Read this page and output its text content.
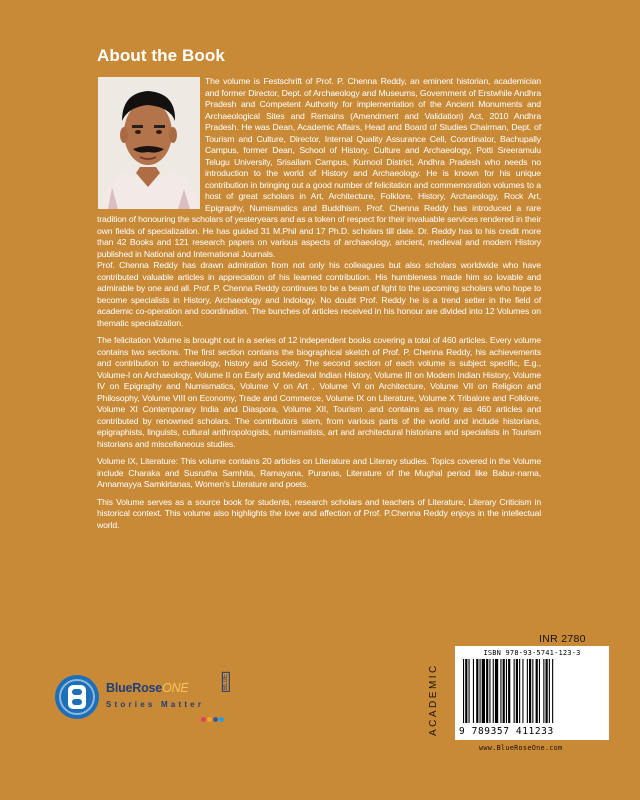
About the Book

The volume is Festschrift of Prof. P. Chenna Reddy, an eminent historian, academician and former Director, Dept. of Archaeology and Museums, Government of Erstwhile Andhra Pradesh and Competent Authority for implementation of the Ancient Monuments and Archaeological Sites and Remains (Amendment and Validation) Act, 2010 Andhra Pradesh. He was Dean, Academic Affairs, Head and Board of Studies Chairman, Dept. of Tourism and Culture, Director, Internal Quality Assurance Cell, Coordinator, Bachupally Campus, former Dean, School of History, Culture and Archaeology, Potti Sreeramulu Telugu University, Srisailam Campus, Kurnool District, Andhra Pradesh who needs no introduction to the world of History and Archaeology. He is known for his unique contribution in bringing out a good number of felicitation and commemoration volumes to a host of great scholars in Art, Architecture, Folklore, History, Archaeology, Rock Art, Epigraphy, Numismatics and Buddhism. Prof. Chenna Reddy has introduced a rare tradition of honouring the scholars of yesteryears and as a token of respect for their invaluable services rendered in their own fields of specialization. He has guided 31 M.Phil and 17 Ph.D. scholars till date. Dr. Reddy has to his credit more than 42 Books and 121 research papers on various aspects of archaeology, ancient, medieval and modern History published in National and International Journals.

Prof. Chenna Reddy has drawn admiration from not only his colleagues but also scholars worldwide who have contributed valuable articles in appreciation of his learned contribution. His humbleness made him so lovable and admirable by one and all. Prof. P. Chenna Reddy continues to be a beam of light to the upcoming scholars who hope to become specialists in History, Archaeology and Indology. No doubt Prof. Reddy he is a trend setter in the field of academic co-operation and coordination. The bunches of articles received in his honour are divided into 12 Volumes on thematic specialization.

The felicitation Volume is brought out in a series of 12 independent books covering a total of 460 articles. Every volume contains two sections. The first section contains the biographical sketch of Prof. P. Chenna Reddy, his achievements and contribution to archaeology, history and Society. The second section of each volume is subject specific, E.g., Volume-I on Archaeology, Volume II on Early and Medieval Indian History, Volume III on Modern Indian History, Volume IV on Epigraphy and Numismatics, Volume V on Art , Volume VI on Architecture, Volume VII on Religion and Philosophy, Volume VIII on Economy, Trade and Commerce, Volume IX on Literature, Volume X Tribalore and Folklore, Volume XI Contemporary India and Diaspora, Volume XII, Tourism .and contains as many as 460 articles and contributed by renowned scholars. The contributors stem, from various parts of the world and include historians, epigraphists, linguists, cultural anthropologists, numismatists, art and architectural historians and specialists in Tourism historians and miscellaneous studies.

Volume IX, Literature: This volume contains 20 articles on Literature and Literary studies. Topics covered in the Volume include Charaka and Susrutha Samhita, Ramayana, Puranas, Literature of the Mughal period like Babur-nama, Annamayya Samkirtanas, Women's Literature and poets.

This Volume serves as a source book for students, research scholars and teachers of Literature, Literary Criticism in historical context. This volume also highlights the love and affection of Prof. P.Chenna Reddy enjoys in the intellectual world.

BlueRoseONE
Stories Matter
BLUE
INR 2780
ACADEMIC
ISBN 978-93-5741-123-3
9 789357 411233
www.BlueRoseOne.com
